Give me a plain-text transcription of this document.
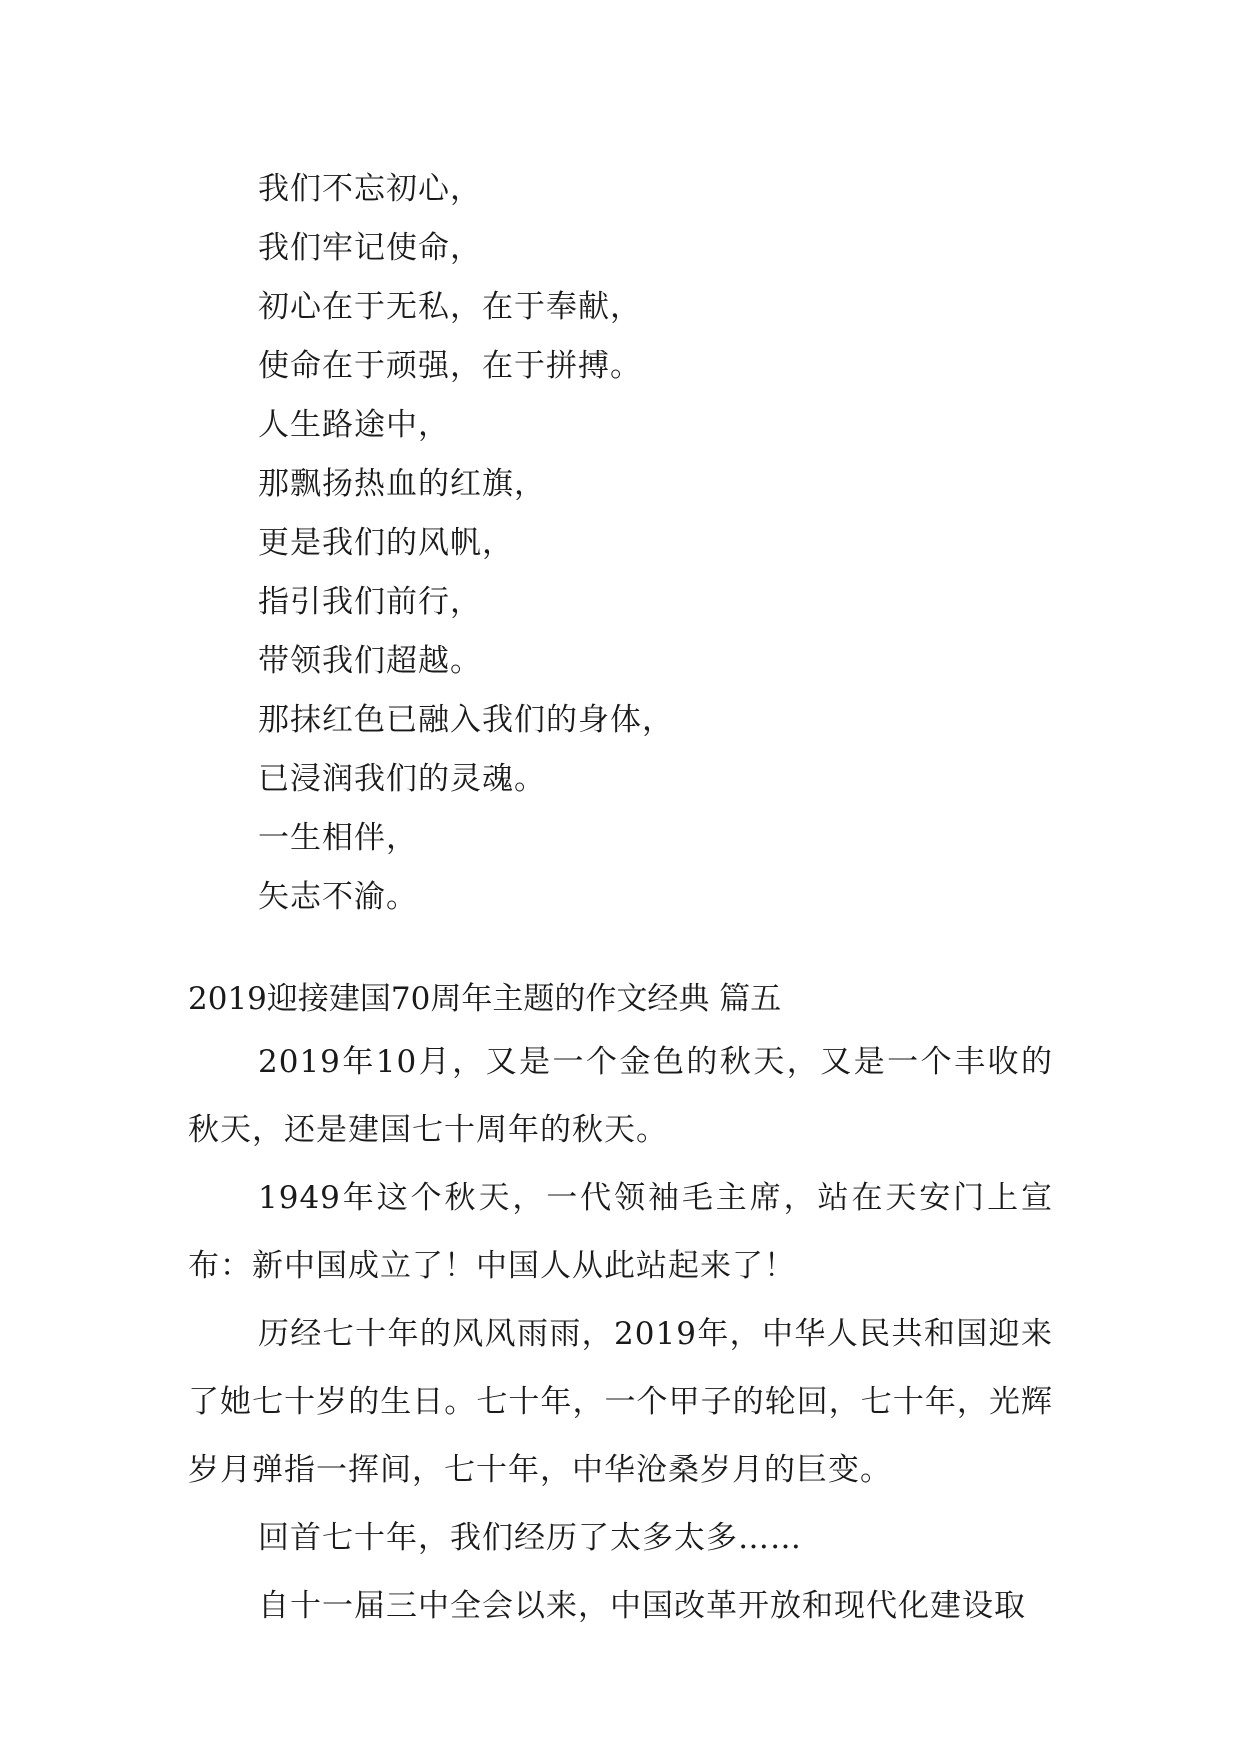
我们不忘初心，
我们牢记使命，
初心在于无私，在于奉献，
使命在于顽强，在于拼搏。
人生路途中，
那飘扬热血的红旗，
更是我们的风帆，
指引我们前行，
带领我们超越。
那抹红色已融入我们的身体，
已浸润我们的灵魂。
一生相伴，
矢志不渝。
2019迎接建国70周年主题的作文经典 篇五

2019年10月，又是一个金色的秋天，又是一个丰收的秋天，还是建国七十周年的秋天。

1949年这个秋天，一代领袖毛主席，站在天安门上宣布：新中国成立了！中国人从此站起来了！

历经七十年的风风雨雨，2019年，中华人民共和国迎来了她七十岁的生日。七十年，一个甲子的轮回，七十年，光辉岁月弹指一挥间，七十年，中华沧桑岁月的巨变。

回首七十年，我们经历了太多太多……

自十一届三中全会以来，中国改革开放和现代化建设取
